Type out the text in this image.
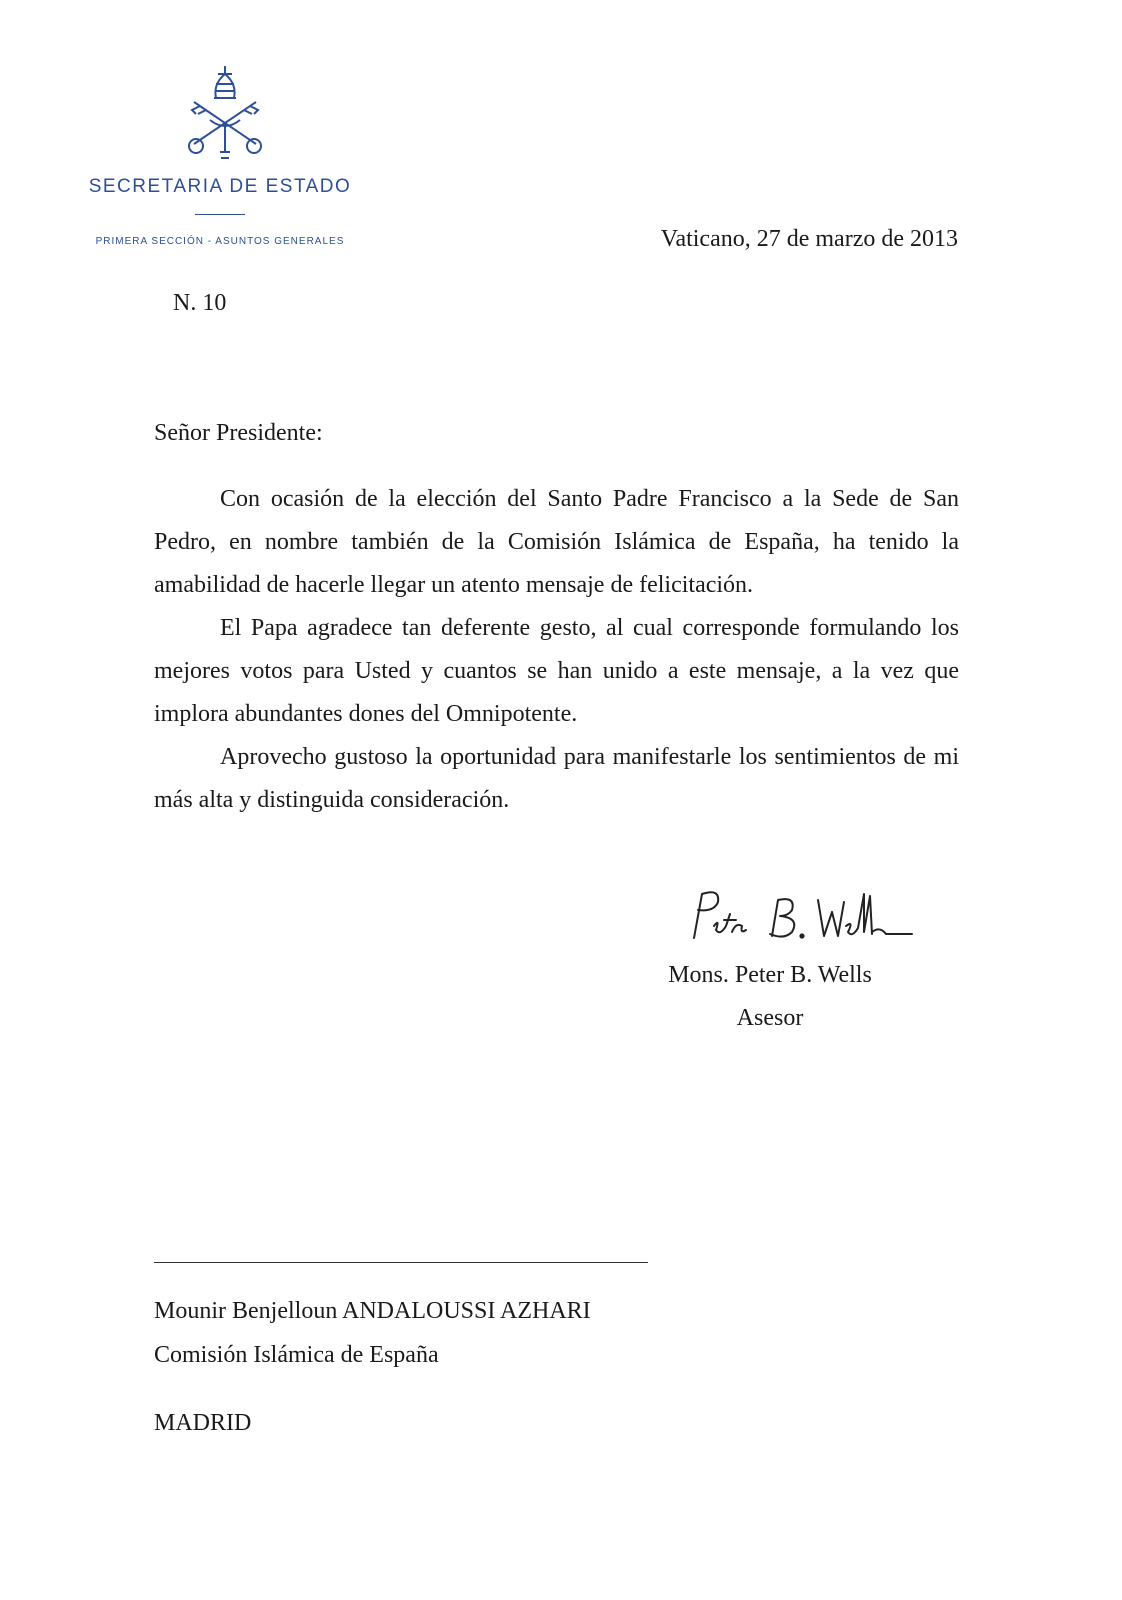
SECRETARIA DE ESTADO
PRIMERA SECCIÓN - ASUNTOS GENERALES	Vaticano, 27 de marzo de 2013
N. 10
Señor Presidente:

Con ocasión de la elección del Santo Padre Francisco a la Sede de San Pedro, en nombre también de la Comisión Islámica de España, ha tenido la amabilidad de hacerle llegar un atento mensaje de felicitación.

El Papa agradece tan deferente gesto, al cual corresponde formulando los mejores votos para Usted y cuantos se han unido a este mensaje, a la vez que implora abundantes dones del Omnipotente.

Aprovecho gustoso la oportunidad para manifestarle los sentimientos de mi más alta y distinguida consideración.

Mons. Peter B. Wells
Asesor
Mounir Benjelloun ANDALOUSSI AZHARI
Comisión Islámica de España
MADRID
